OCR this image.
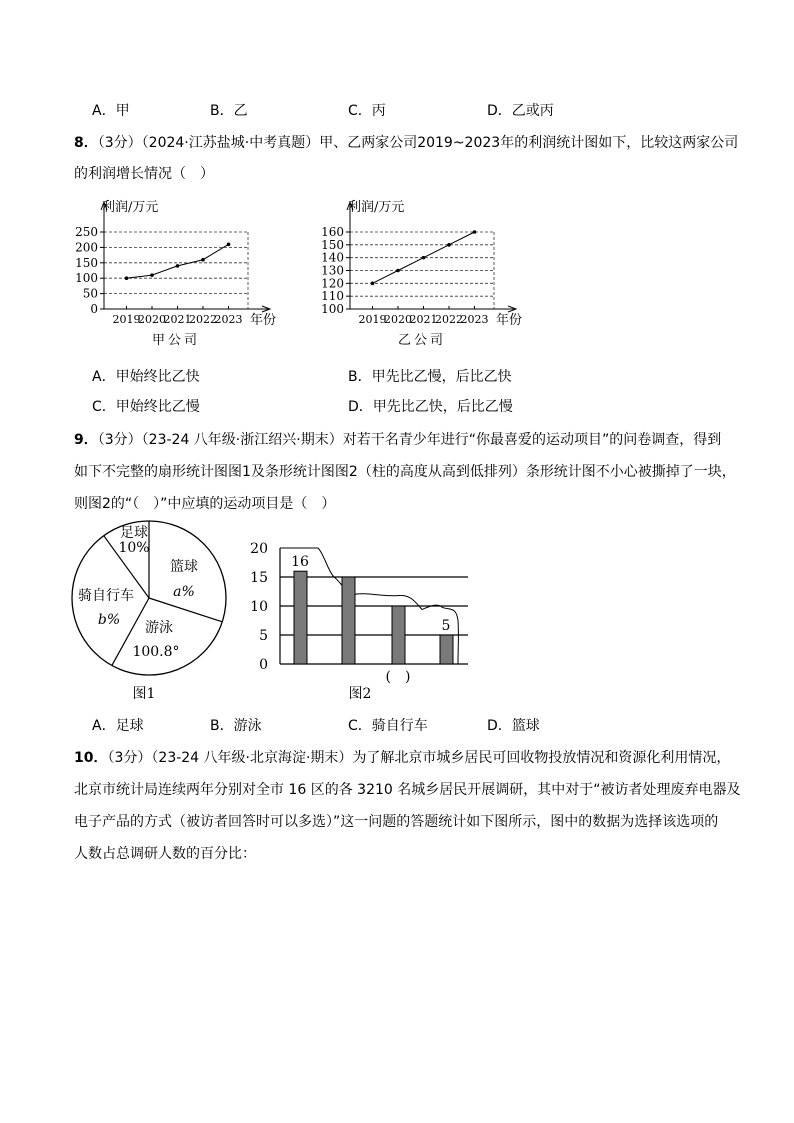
A．甲	B．乙	C．丙	D．乙或丙
8．（3分）（2024·江苏盐城·中考真题）甲、乙两家公司2019~2023年的利润统计图如下，比较这两家公司
的利润增长情况（　）
0
50
100
150
200
250
利润/万元
年份
2019
2020
2021
2022
2023
甲公司
100
110
120
130
140
150
160
利润/万元
年份
2019
2020
2021
2022
2023
乙公司
A．甲始终比乙快	B．甲先比乙慢，后比乙快
C．甲始终比乙慢	D．甲先比乙快，后比乙慢
9．（3分）（23-24 八年级·浙江绍兴·期末）对若干名青少年进行“你最喜爱的运动项目”的问卷调查，得到
如下不完整的扇形统计图图1及条形统计图图2（柱的高度从高到低排列）条形统计图不小心被撕掉了一块，
则图2的“（　）”中应填的运动项目是（　）
足球
10%
篮球
a%
游泳
100.8°
骑自行车
b%
图1
0
5
10
15
20
16
5
(　)
图2
A．足球	B．游泳	C．骑自行车	D．篮球
10．（3分）（23-24 八年级·北京海淀·期末）为了解北京市城乡居民可回收物投放情况和资源化利用情况，
北京市统计局连续两年分别对全市 16 区的各 3210 名城乡居民开展调研，其中对于“被访者处理废弃电器及
电子产品的方式（被访者回答时可以多选）”这一问题的答题统计如下图所示，图中的数据为选择该选项的
人数占总调研人数的百分比：
